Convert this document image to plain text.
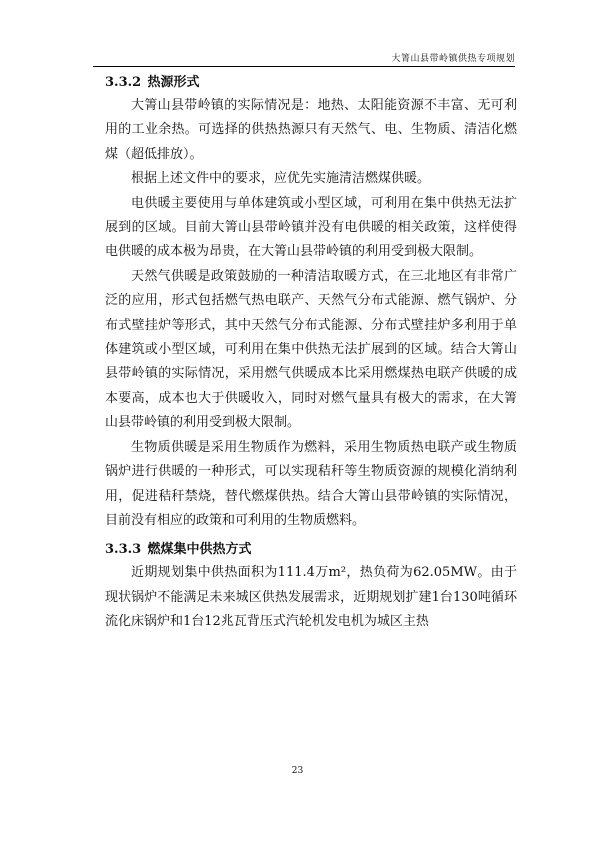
大箐山县带岭镇供热专项规划
3.3.2 热源形式

大箐山县带岭镇的实际情况是：地热、太阳能资源不丰富、无可利用的工业余热。可选择的供热热源只有天然气、电、生物质、清洁化燃煤（超低排放）。

根据上述文件中的要求，应优先实施清洁燃煤供暖。

电供暖主要使用与单体建筑或小型区域，可利用在集中供热无法扩展到的区域。目前大箐山县带岭镇并没有电供暖的相关政策，这样使得电供暖的成本极为昂贵，在大箐山县带岭镇的利用受到极大限制。

天然气供暖是政策鼓励的一种清洁取暖方式，在三北地区有非常广泛的应用，形式包括燃气热电联产、天然气分布式能源、燃气锅炉、分布式壁挂炉等形式，其中天然气分布式能源、分布式壁挂炉多利用于单体建筑或小型区域，可利用在集中供热无法扩展到的区域。结合大箐山县带岭镇的实际情况，采用燃气供暖成本比采用燃煤热电联产供暖的成本要高，成本也大于供暖收入，同时对燃气量具有极大的需求，在大箐山县带岭镇的利用受到极大限制。

生物质供暖是采用生物质作为燃料，采用生物质热电联产或生物质锅炉进行供暖的一种形式，可以实现秸秆等生物质资源的规模化消纳利用，促进秸秆禁烧，替代燃煤供热。结合大箐山县带岭镇的实际情况，目前没有相应的政策和可利用的生物质燃料。

3.3.3 燃煤集中供热方式

近期规划集中供热面积为111.4万m²，热负荷为62.05MW。由于现状锅炉不能满足未来城区供热发展需求，近期规划扩建1台130吨循环流化床锅炉和1台12兆瓦背压式汽轮机发电机为城区主热

23
